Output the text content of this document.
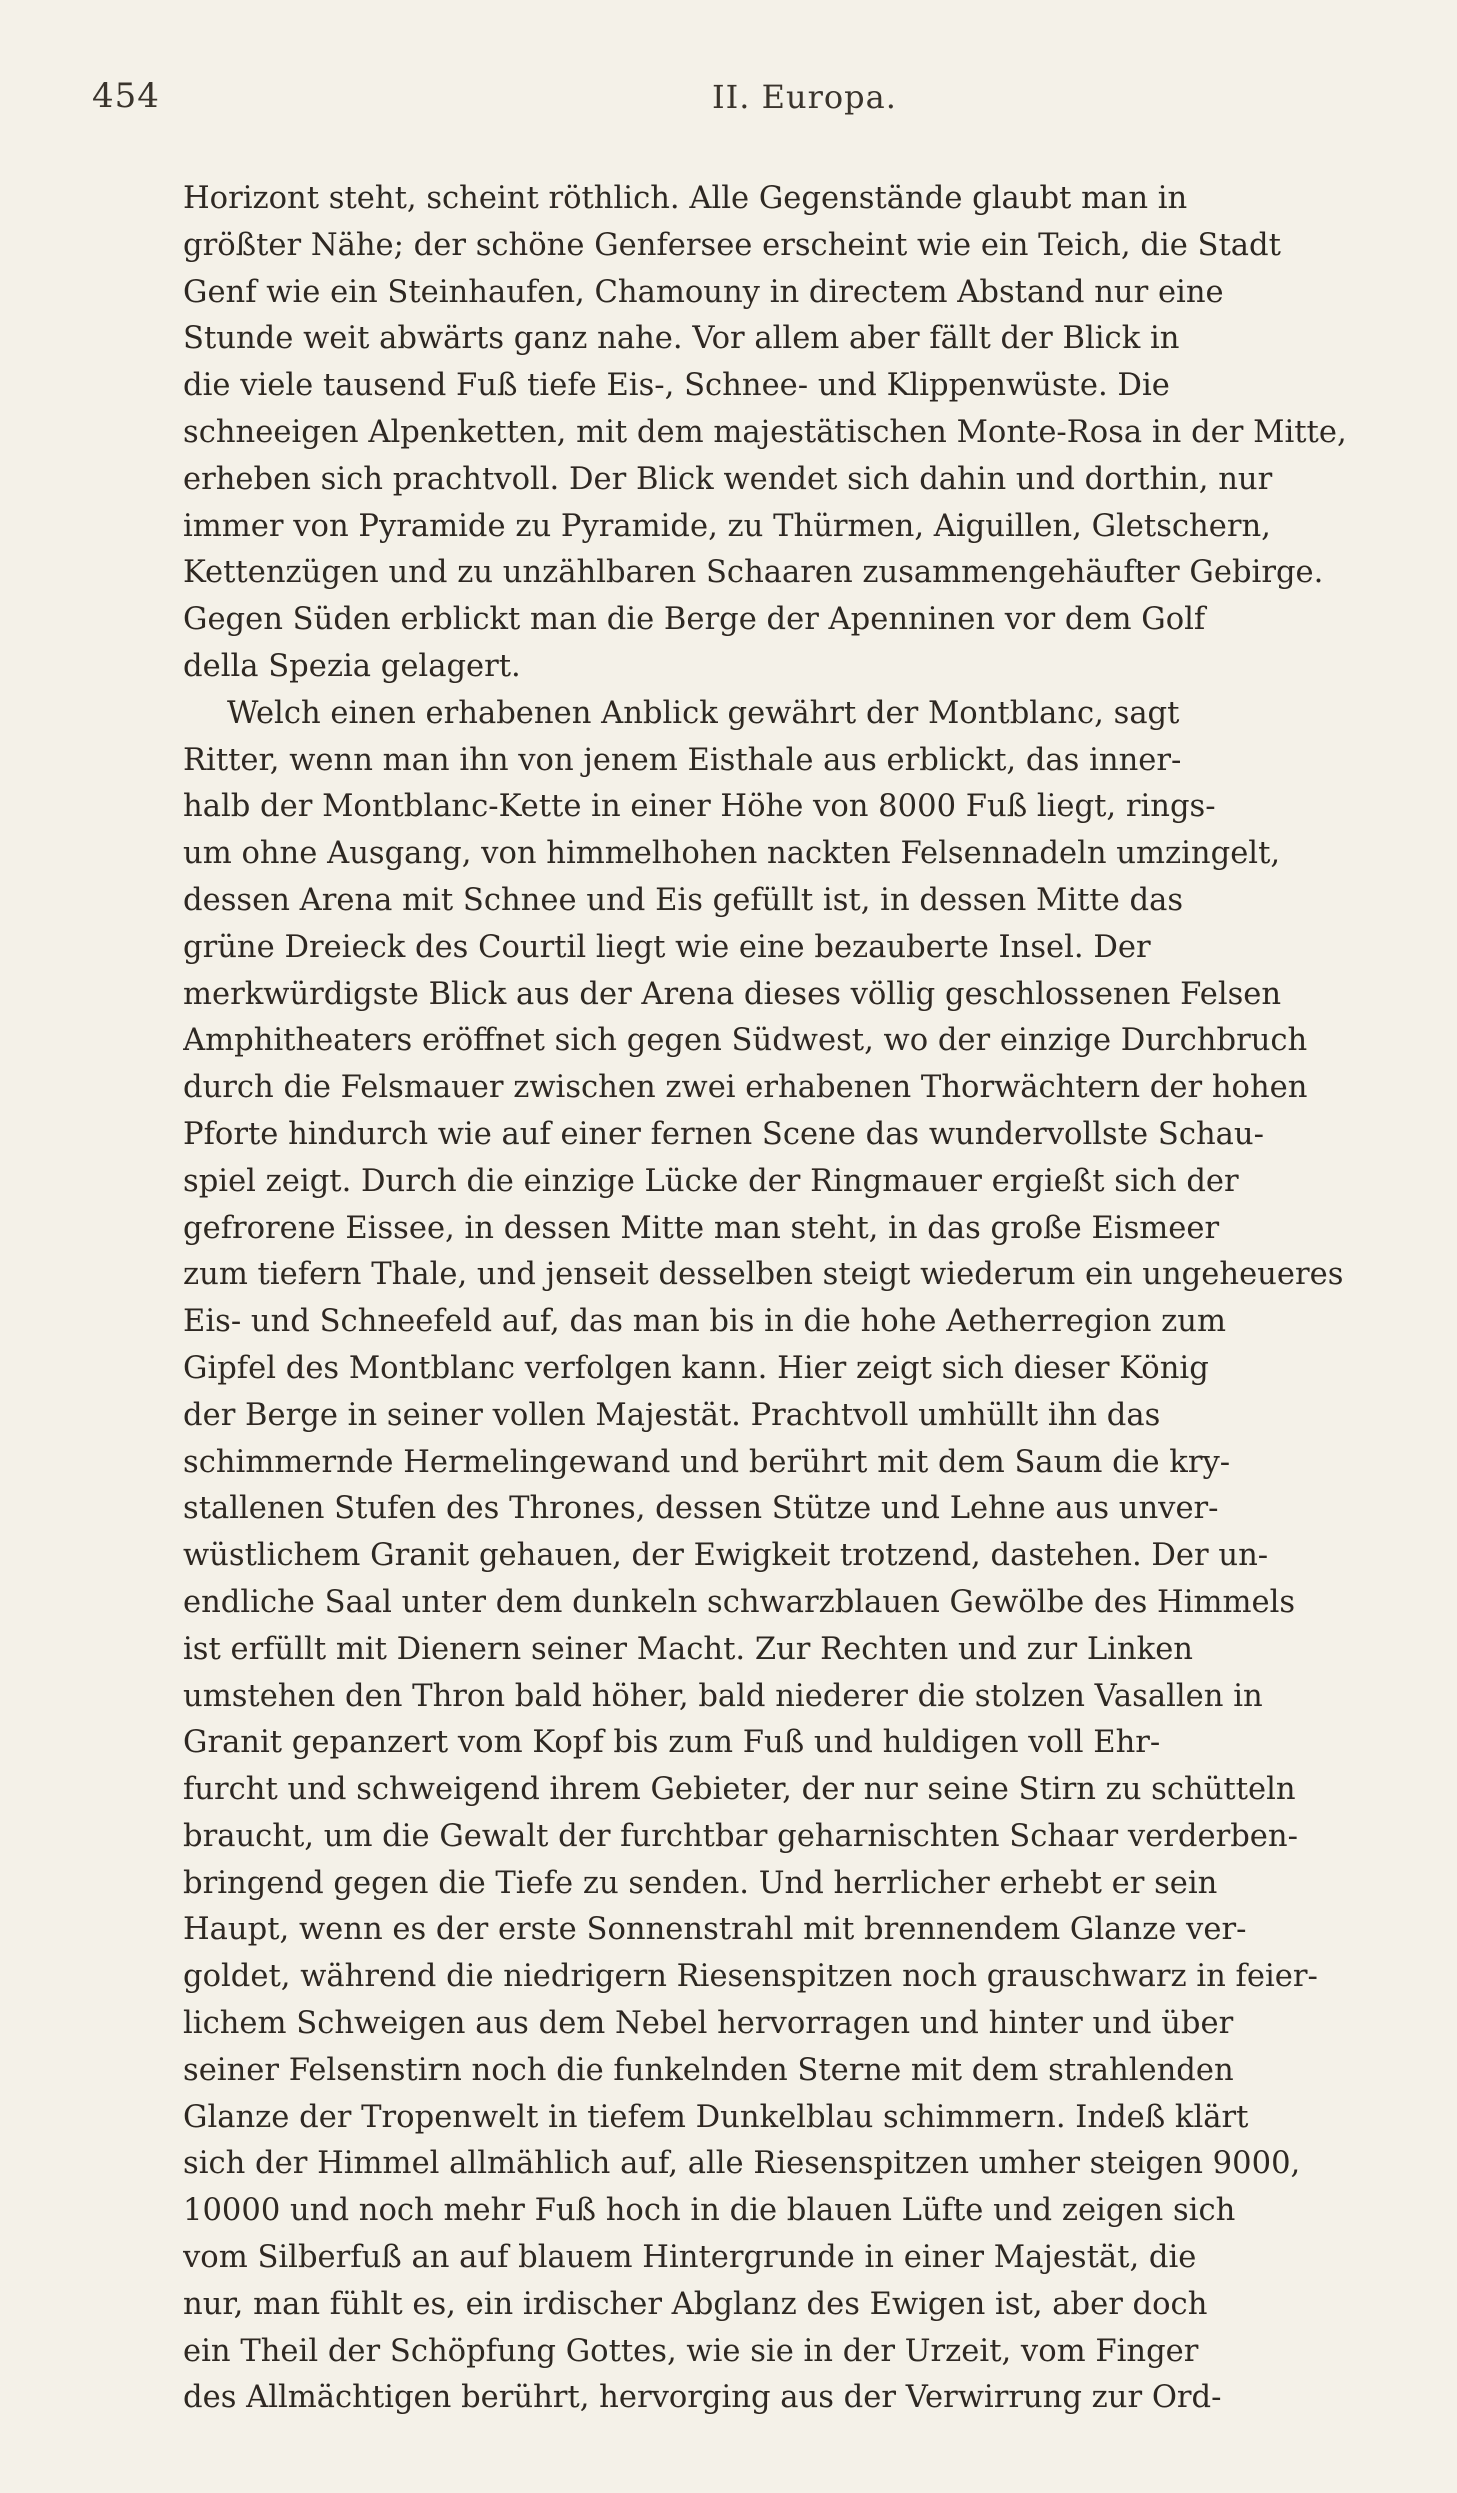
454	II. Europa.
Horizont steht, scheint röthlich. Alle Gegenstände glaubt man in
größter Nähe; der schöne Genfersee erscheint wie ein Teich, die Stadt
Genf wie ein Steinhaufen, Chamouny in directem Abstand nur eine
Stunde weit abwärts ganz nahe. Vor allem aber fällt der Blick in
die viele tausend Fuß tiefe Eis-, Schnee- und Klippenwüste. Die
schneeigen Alpenketten, mit dem majestätischen Monte-Rosa in der Mitte,
erheben sich prachtvoll. Der Blick wendet sich dahin und dorthin, nur
immer von Pyramide zu Pyramide, zu Thürmen, Aiguillen, Gletschern,
Kettenzügen und zu unzählbaren Schaaren zusammengehäufter Gebirge.
Gegen Süden erblickt man die Berge der Apenninen vor dem Golf
della Spezia gelagert.
Welch einen erhabenen Anblick gewährt der Montblanc, sagt
Ritter, wenn man ihn von jenem Eisthale aus erblickt, das inner-
halb der Montblanc-Kette in einer Höhe von 8000 Fuß liegt, rings-
um ohne Ausgang, von himmelhohen nackten Felsennadeln umzingelt,
dessen Arena mit Schnee und Eis gefüllt ist, in dessen Mitte das
grüne Dreieck des Courtil liegt wie eine bezauberte Insel. Der
merkwürdigste Blick aus der Arena dieses völlig geschlossenen Felsen
Amphitheaters eröffnet sich gegen Südwest, wo der einzige Durchbruch
durch die Felsmauer zwischen zwei erhabenen Thorwächtern der hohen
Pforte hindurch wie auf einer fernen Scene das wundervollste Schau-
spiel zeigt. Durch die einzige Lücke der Ringmauer ergießt sich der
gefrorene Eissee, in dessen Mitte man steht, in das große Eismeer
zum tiefern Thale, und jenseit desselben steigt wiederum ein ungeheueres
Eis- und Schneefeld auf, das man bis in die hohe Aetherregion zum
Gipfel des Montblanc verfolgen kann. Hier zeigt sich dieser König
der Berge in seiner vollen Majestät. Prachtvoll umhüllt ihn das
schimmernde Hermelingewand und berührt mit dem Saum die kry-
stallenen Stufen des Thrones, dessen Stütze und Lehne aus unver-
wüstlichem Granit gehauen, der Ewigkeit trotzend, dastehen. Der un-
endliche Saal unter dem dunkeln schwarzblauen Gewölbe des Himmels
ist erfüllt mit Dienern seiner Macht. Zur Rechten und zur Linken
umstehen den Thron bald höher, bald niederer die stolzen Vasallen in
Granit gepanzert vom Kopf bis zum Fuß und huldigen voll Ehr-
furcht und schweigend ihrem Gebieter, der nur seine Stirn zu schütteln
braucht, um die Gewalt der furchtbar geharnischten Schaar verderben-
bringend gegen die Tiefe zu senden. Und herrlicher erhebt er sein
Haupt, wenn es der erste Sonnenstrahl mit brennendem Glanze ver-
goldet, während die niedrigern Riesenspitzen noch grauschwarz in feier-
lichem Schweigen aus dem Nebel hervorragen und hinter und über
seiner Felsenstirn noch die funkelnden Sterne mit dem strahlenden
Glanze der Tropenwelt in tiefem Dunkelblau schimmern. Indeß klärt
sich der Himmel allmählich auf, alle Riesenspitzen umher steigen 9000,
10000 und noch mehr Fuß hoch in die blauen Lüfte und zeigen sich
vom Silberfuß an auf blauem Hintergrunde in einer Majestät, die
nur, man fühlt es, ein irdischer Abglanz des Ewigen ist, aber doch
ein Theil der Schöpfung Gottes, wie sie in der Urzeit, vom Finger
des Allmächtigen berührt, hervorging aus der Verwirrung zur Ord-
